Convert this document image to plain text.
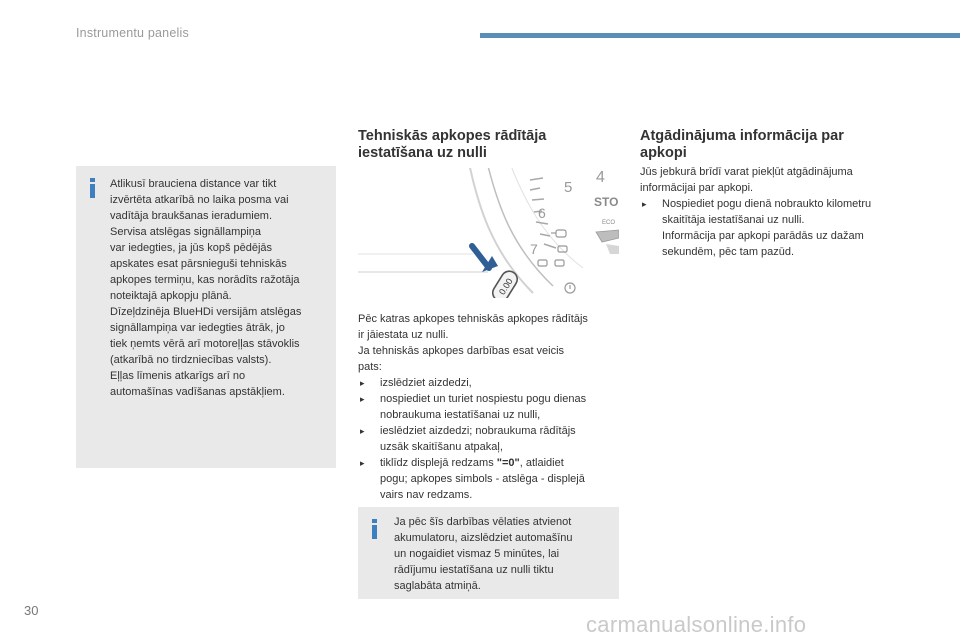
Instrumentu panelis
Atlikusī brauciena distance var tikt
izvērtēta atkarībā no laika posma vai
vadītāja braukšanas ieradumiem.
Servisa atslēgas signāllampiņa
var iedegties, ja jūs kopš pēdējās
apskates esat pārsnieguši tehniskās
apkopes termiņu, kas norādīts ražotāja
noteiktajā apkopju plānā.
Dīzeļdzinēja BlueHDi versijām atslēgas
signāllampiņa var iedegties ātrāk, jo
tiek ņemts vērā arī motoreļļas stāvoklis
(atkarībā no tirdzniecības valsts).
Eļļas līmenis atkarīgs arī no
automašīnas vadīšanas apstākļiem.
Tehniskās apkopes rādītāja
iestatīšana uz nulli
4
5
6
7
STO
ECO
0.00
Pēc katras apkopes tehniskās apkopes rādītājs
ir jāiestata uz nulli.
Ja tehniskās apkopes darbības esat veicis
pats:
▸ izslēdziet aizdedzi,
▸ nospiediet un turiet nospiestu pogu dienas
nobraukuma iestatīšanai uz nulli,
▸ ieslēdziet aizdedzi; nobraukuma rādītājs
uzsāk skaitīšanu atpakaļ,
▸ tiklīdz displejā redzams "=0", atlaidiet
pogu; apkopes simbols - atslēga - displejā
vairs nav redzams.
Ja pēc šīs darbības vēlaties atvienot
akumulatoru, aizslēdziet automašīnu
un nogaidiet vismaz 5 minūtes, lai
rādījumu iestatīšana uz nulli tiktu
saglabāta atmiņā.
Atgādinājuma informācija par
apkopi
Jūs jebkurā brīdī varat piekļūt atgādinājuma
informācijai par apkopi.
▸ Nospiediet pogu dienā nobraukto kilometru
skaitītāja iestatīšanai uz nulli.
Informācija par apkopi parādās uz dažam
sekundēm, pēc tam pazūd.
30
carmanualsonline.info
